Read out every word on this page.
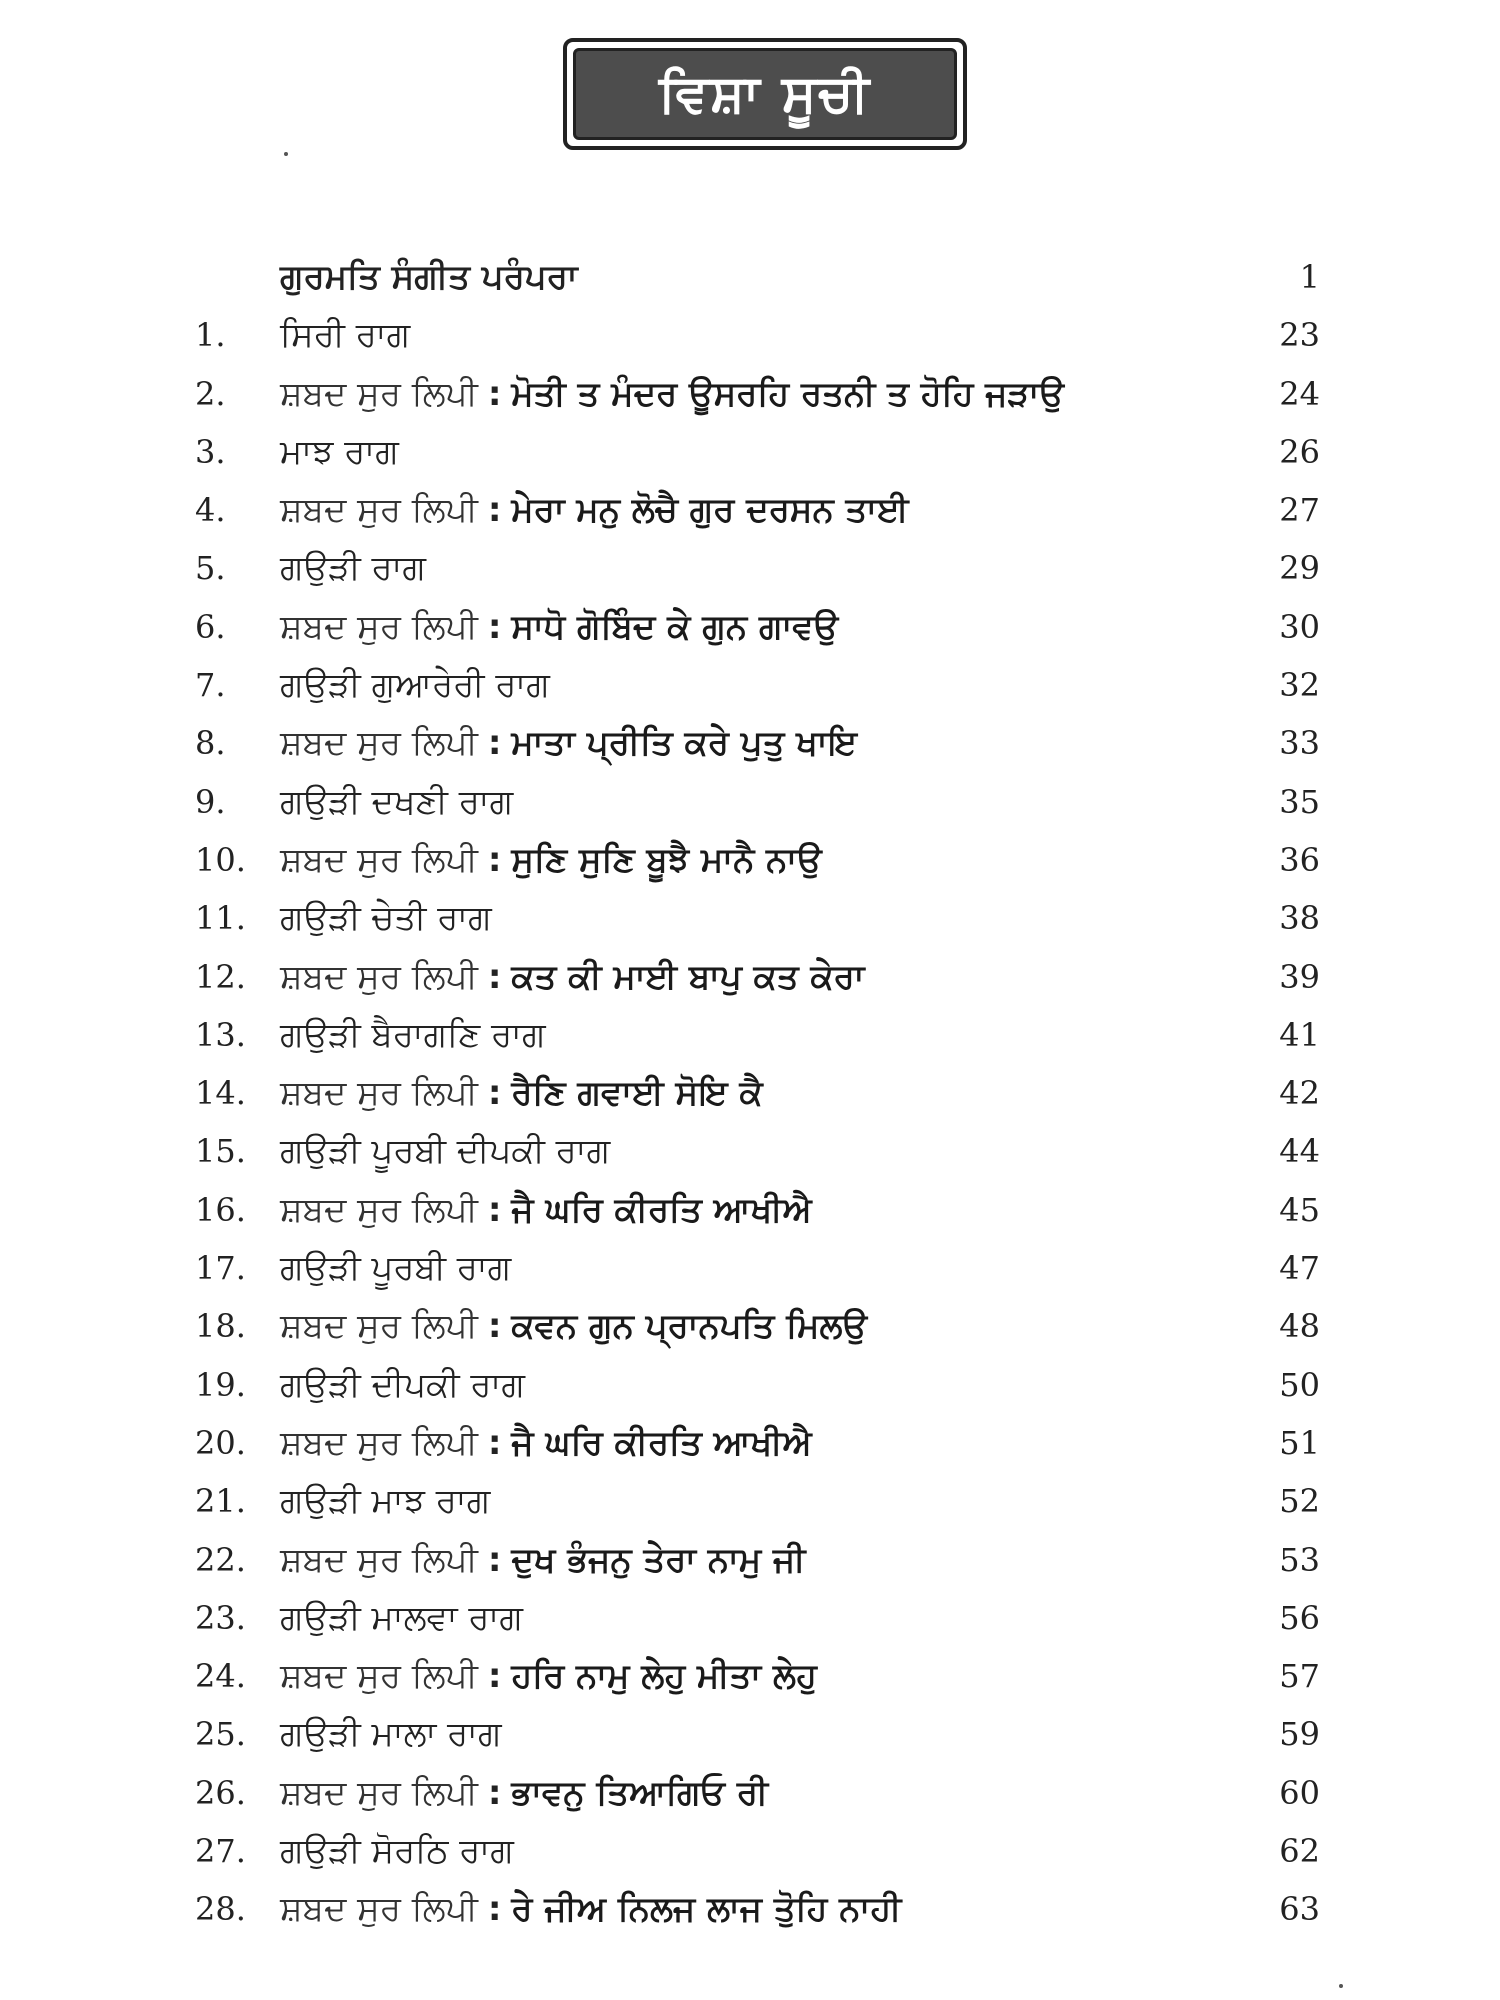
ਵਿਸ਼ਾ ਸੂਚੀ
ਗੁਰਮਤਿ ਸੰਗੀਤ ਪਰੰਪਰਾ	1
1.	ਸਿਰੀ ਰਾਗ	23
2.	ਸ਼ਬਦ ਸੁਰ ਲਿਪੀ : ਮੋਤੀ ਤ ਮੰਦਰ ਊਸਰਹਿ ਰਤਨੀ ਤ ਹੋਹਿ ਜੜਾਉ	24
3.	ਮਾਝ ਰਾਗ	26
4.	ਸ਼ਬਦ ਸੁਰ ਲਿਪੀ : ਮੇਰਾ ਮਨੁ ਲੋਚੈ ਗੁਰ ਦਰਸਨ ਤਾਈ	27
5.	ਗਉੜੀ ਰਾਗ	29
6.	ਸ਼ਬਦ ਸੁਰ ਲਿਪੀ : ਸਾਧੋ ਗੋਬਿੰਦ ਕੇ ਗੁਨ ਗਾਵਉ	30
7.	ਗਉੜੀ ਗੁਆਰੇਰੀ ਰਾਗ	32
8.	ਸ਼ਬਦ ਸੁਰ ਲਿਪੀ : ਮਾਤਾ ਪ੍ਰੀਤਿ ਕਰੇ ਪੁਤੁ ਖਾਇ	33
9.	ਗਉੜੀ ਦਖਣੀ ਰਾਗ	35
10.	ਸ਼ਬਦ ਸੁਰ ਲਿਪੀ : ਸੁਣਿ ਸੁਣਿ ਬੂਝੈ ਮਾਨੈ ਨਾਉ	36
11.	ਗਉੜੀ ਚੇਤੀ ਰਾਗ	38
12.	ਸ਼ਬਦ ਸੁਰ ਲਿਪੀ : ਕਤ ਕੀ ਮਾਈ ਬਾਪੁ ਕਤ ਕੇਰਾ	39
13.	ਗਉੜੀ ਬੈਰਾਗਣਿ ਰਾਗ	41
14.	ਸ਼ਬਦ ਸੁਰ ਲਿਪੀ : ਰੈਣਿ ਗਵਾਈ ਸੋਇ ਕੈ	42
15.	ਗਉੜੀ ਪੂਰਬੀ ਦੀਪਕੀ ਰਾਗ	44
16.	ਸ਼ਬਦ ਸੁਰ ਲਿਪੀ : ਜੈ ਘਰਿ ਕੀਰਤਿ ਆਖੀਐ	45
17.	ਗਉੜੀ ਪੂਰਬੀ ਰਾਗ	47
18.	ਸ਼ਬਦ ਸੁਰ ਲਿਪੀ : ਕਵਨ ਗੁਨ ਪ੍ਰਾਨਪਤਿ ਮਿਲਉ	48
19.	ਗਉੜੀ ਦੀਪਕੀ ਰਾਗ	50
20.	ਸ਼ਬਦ ਸੁਰ ਲਿਪੀ : ਜੈ ਘਰਿ ਕੀਰਤਿ ਆਖੀਐ	51
21.	ਗਉੜੀ ਮਾਝ ਰਾਗ	52
22.	ਸ਼ਬਦ ਸੁਰ ਲਿਪੀ : ਦੁਖ ਭੰਜਨੁ ਤੇਰਾ ਨਾਮੁ ਜੀ	53
23.	ਗਉੜੀ ਮਾਲਵਾ ਰਾਗ	56
24.	ਸ਼ਬਦ ਸੁਰ ਲਿਪੀ : ਹਰਿ ਨਾਮੁ ਲੇਹੁ ਮੀਤਾ ਲੇਹੁ	57
25.	ਗਉੜੀ ਮਾਲਾ ਰਾਗ	59
26.	ਸ਼ਬਦ ਸੁਰ ਲਿਪੀ : ਭਾਵਨੁ ਤਿਆਗਿਓ ਰੀ	60
27.	ਗਉੜੀ ਸੋਰਠਿ ਰਾਗ	62
28.	ਸ਼ਬਦ ਸੁਰ ਲਿਪੀ : ਰੇ ਜੀਅ ਨਿਲਜ ਲਾਜ ਤੋੁਹਿ ਨਾਹੀ	63
